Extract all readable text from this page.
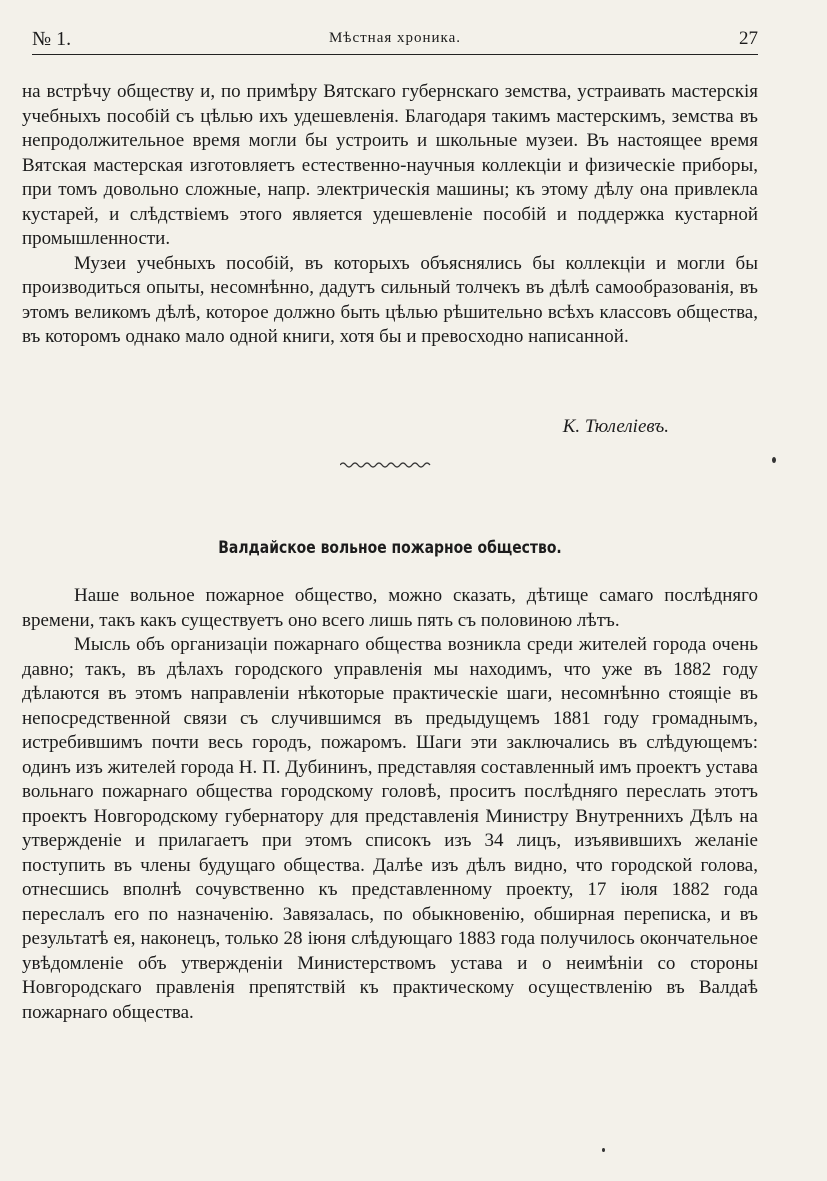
№ 1.	Мѣстная хроника.	27

на встрѣчу обществу и, по примѣру Вятскаго губернскаго земства, устраивать мастерскія учебныхъ пособій съ цѣлью ихъ удешевленія. Благодаря такимъ мастерскимъ, земства въ непродолжительное время могли бы устроить и школьные музеи. Въ настоящее время Вятская мастерская изготовляетъ естественно-научныя коллекціи и физическіе приборы, при томъ довольно сложные, напр. электрическія машины; къ этому дѣлу она привлекла кустарей, и слѣдствіемъ этого является удешевленіе пособій и поддержка кустарной промышленности.

Музеи учебныхъ пособій, въ которыхъ объяснялись бы коллекціи и могли бы производиться опыты, несомнѣнно, дадутъ сильный толчекъ въ дѣлѣ самообразованія, въ этомъ великомъ дѣлѣ, которое должно быть цѣлью рѣшительно всѣхъ классовъ общества, въ которомъ однако мало одной книги, хотя бы и превосходно написанной.

К. Тюлеліевъ.
Валдайское вольное пожарное общество.

Наше вольное пожарное общество, можно сказать, дѣтище самаго послѣдняго времени, такъ какъ существуетъ оно всего лишь пять съ половиною лѣтъ.

Мысль объ организаціи пожарнаго общества возникла среди жителей города очень давно; такъ, въ дѣлахъ городского управленія мы находимъ, что уже въ 1882 году дѣлаются въ этомъ направленіи нѣкоторые практическіе шаги, несомнѣнно стоящіе въ непосредственной связи съ случившимся въ предыдущемъ 1881 году громаднымъ, истребившимъ почти весь городъ, пожаромъ. Шаги эти заключались въ слѣдующемъ: одинъ изъ жителей города Н. П. Дубининъ, представляя составленный имъ проектъ устава вольнаго пожарнаго общества городскому головѣ, проситъ послѣдняго переслать этотъ проектъ Новгородскому губернатору для представленія Министру Внутреннихъ Дѣлъ на утвержденіе и прилагаетъ при этомъ списокъ изъ 34 лицъ, изъявившихъ желаніе поступить въ члены будущаго общества. Далѣе изъ дѣлъ видно, что городской голова, отнесшись вполнѣ сочувственно къ представленному проекту, 17 іюля 1882 года переслалъ его по назначенію. Завязалась, по обыкновенію, обширная переписка, и въ результатѣ ея, наконецъ, только 28 іюня слѣдующаго 1883 года получилось окончательное увѣдомленіе объ утвержденіи Министерствомъ устава и о неимѣніи со стороны Новгородскаго правленія препятствій къ практическому осуществленію въ Валдаѣ пожарнаго общества.
